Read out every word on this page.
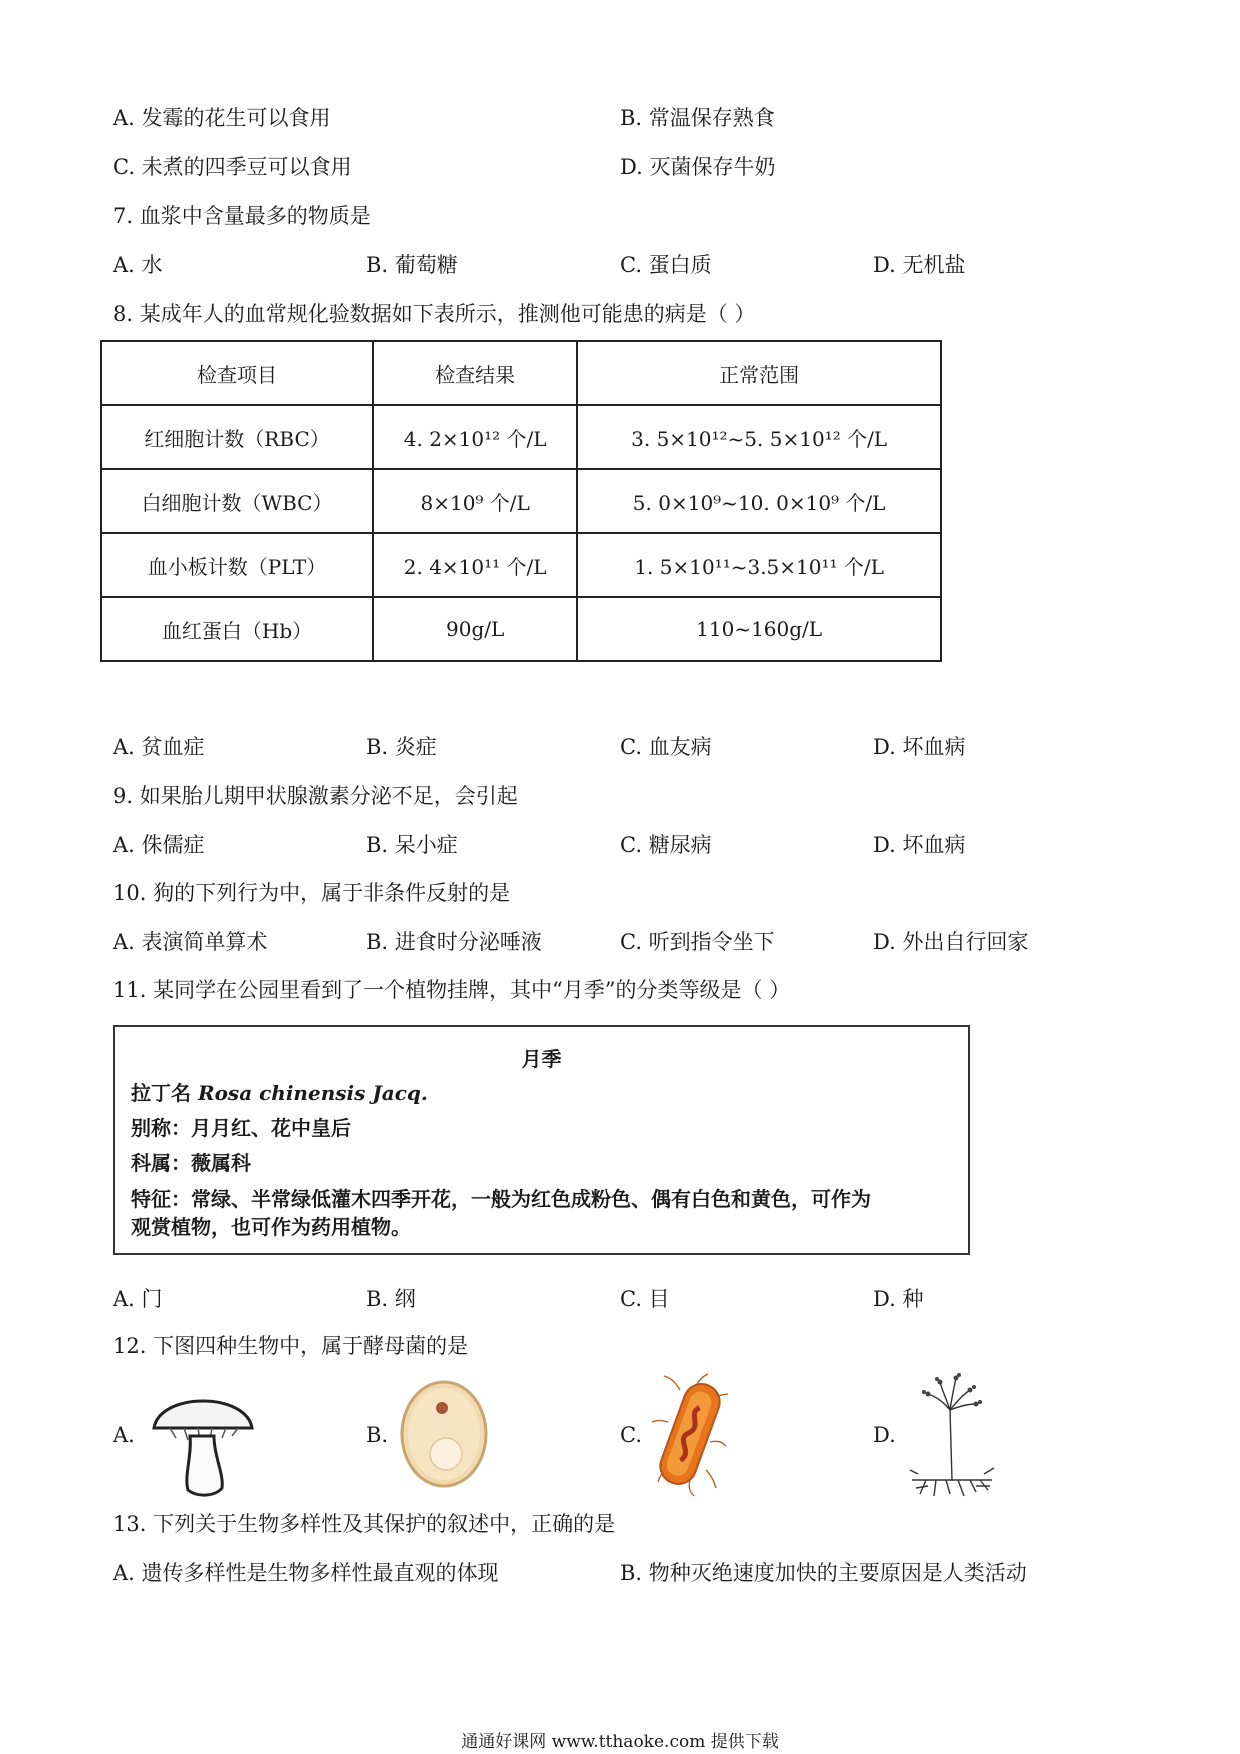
A. 发霉的花生可以食用	B. 常温保存熟食
C. 未煮的四季豆可以食用	D. 灭菌保存牛奶
7. 血浆中含量最多的物质是
A. 水	B. 葡萄糖	C. 蛋白质	D. 无机盐
8. 某成年人的血常规化验数据如下表所示，推测他可能患的病是（ ）
检查项目	检查结果	正常范围
红细胞计数（RBC）	4. 2×10¹² 个/L	3. 5×10¹²~5. 5×10¹² 个/L
白细胞计数（WBC）	8×10⁹ 个/L	5. 0×10⁹~10. 0×10⁹ 个/L
血小板计数（PLT）	2. 4×10¹¹ 个/L	1. 5×10¹¹~3.5×10¹¹ 个/L
血红蛋白（Hb）	90g/L	110~160g/L
A. 贫血症	B. 炎症	C. 血友病	D. 坏血病
9. 如果胎儿期甲状腺激素分泌不足，会引起
A. 侏儒症	B. 呆小症	C. 糖尿病	D. 坏血病
10. 狗的下列行为中，属于非条件反射的是
A. 表演简单算术	B. 进食时分泌唾液	C. 听到指令坐下	D. 外出自行回家
11. 某同学在公园里看到了一个植物挂牌，其中“月季”的分类等级是（ ）
月季
拉丁名 Rosa chinensis Jacq.
别称：月月红、花中皇后
科属：薇属科
特征：常绿、半常绿低灌木四季开花，一般为红色成粉色、偶有白色和黄色，可作为
观赏植物，也可作为药用植物。
A. 门	B. 纲	C. 目	D. 种
12. 下图四种生物中，属于酵母菌的是
A.	B.	C.	D.
13. 下列关于生物多样性及其保护的叙述中，正确的是
A. 遗传多样性是生物多样性最直观的体现	B. 物种灭绝速度加快的主要原因是人类活动
通通好课网 www.tthaoke.com 提供下载
